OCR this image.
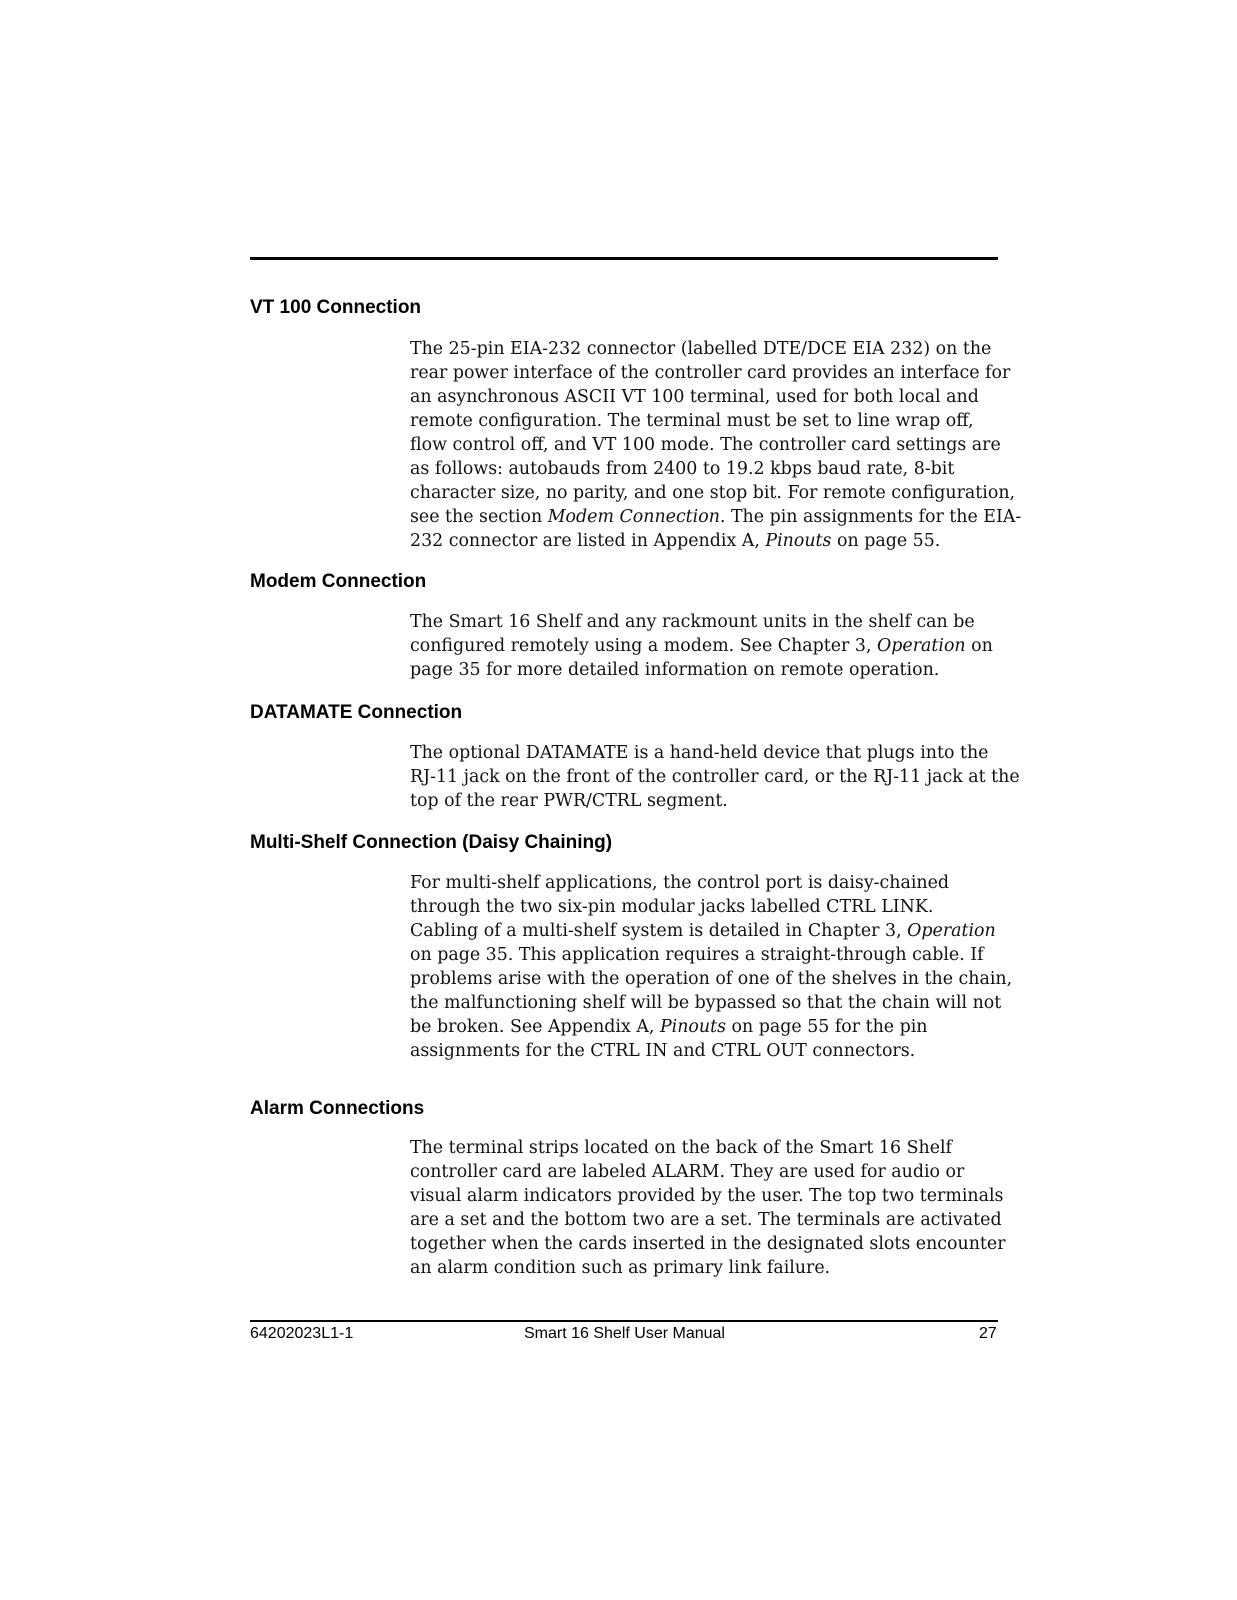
VT 100 Connection
The 25-pin EIA-232 connector (labelled DTE/DCE EIA 232) on the
rear power interface of the controller card provides an interface for
an asynchronous ASCII VT 100 terminal, used for both local and
remote configuration. The terminal must be set to line wrap off,
flow control off, and VT 100 mode. The controller card settings are
as follows: autobauds from 2400 to 19.2 kbps baud rate, 8-bit
character size, no parity, and one stop bit. For remote configuration,
see the section Modem Connection. The pin assignments for the EIA-
232 connector are listed in Appendix A, Pinouts on page 55.
Modem Connection
The Smart 16 Shelf and any rackmount units in the shelf can be
configured remotely using a modem. See Chapter 3, Operation on
page 35 for more detailed information on remote operation.
DATAMATE Connection
The optional DATAMATE is a hand-held device that plugs into the
RJ-11 jack on the front of the controller card, or the RJ-11 jack at the
top of the rear PWR/CTRL segment.
Multi-Shelf Connection (Daisy Chaining)
For multi-shelf applications, the control port is daisy-chained
through the two six-pin modular jacks labelled CTRL LINK.
Cabling of a multi-shelf system is detailed in Chapter 3, Operation
on page 35. This application requires a straight-through cable. If
problems arise with the operation of one of the shelves in the chain,
the malfunctioning shelf will be bypassed so that the chain will not
be broken. See Appendix A, Pinouts on page 55 for the pin
assignments for the CTRL IN and CTRL OUT connectors.
Alarm Connections
The terminal strips located on the back of the Smart 16 Shelf
controller card are labeled ALARM. They are used for audio or
visual alarm indicators provided by the user. The top two terminals
are a set and the bottom two are a set. The terminals are activated
together when the cards inserted in the designated slots encounter
an alarm condition such as primary link failure.
64202023L1-1	Smart 16 Shelf User Manual	27
